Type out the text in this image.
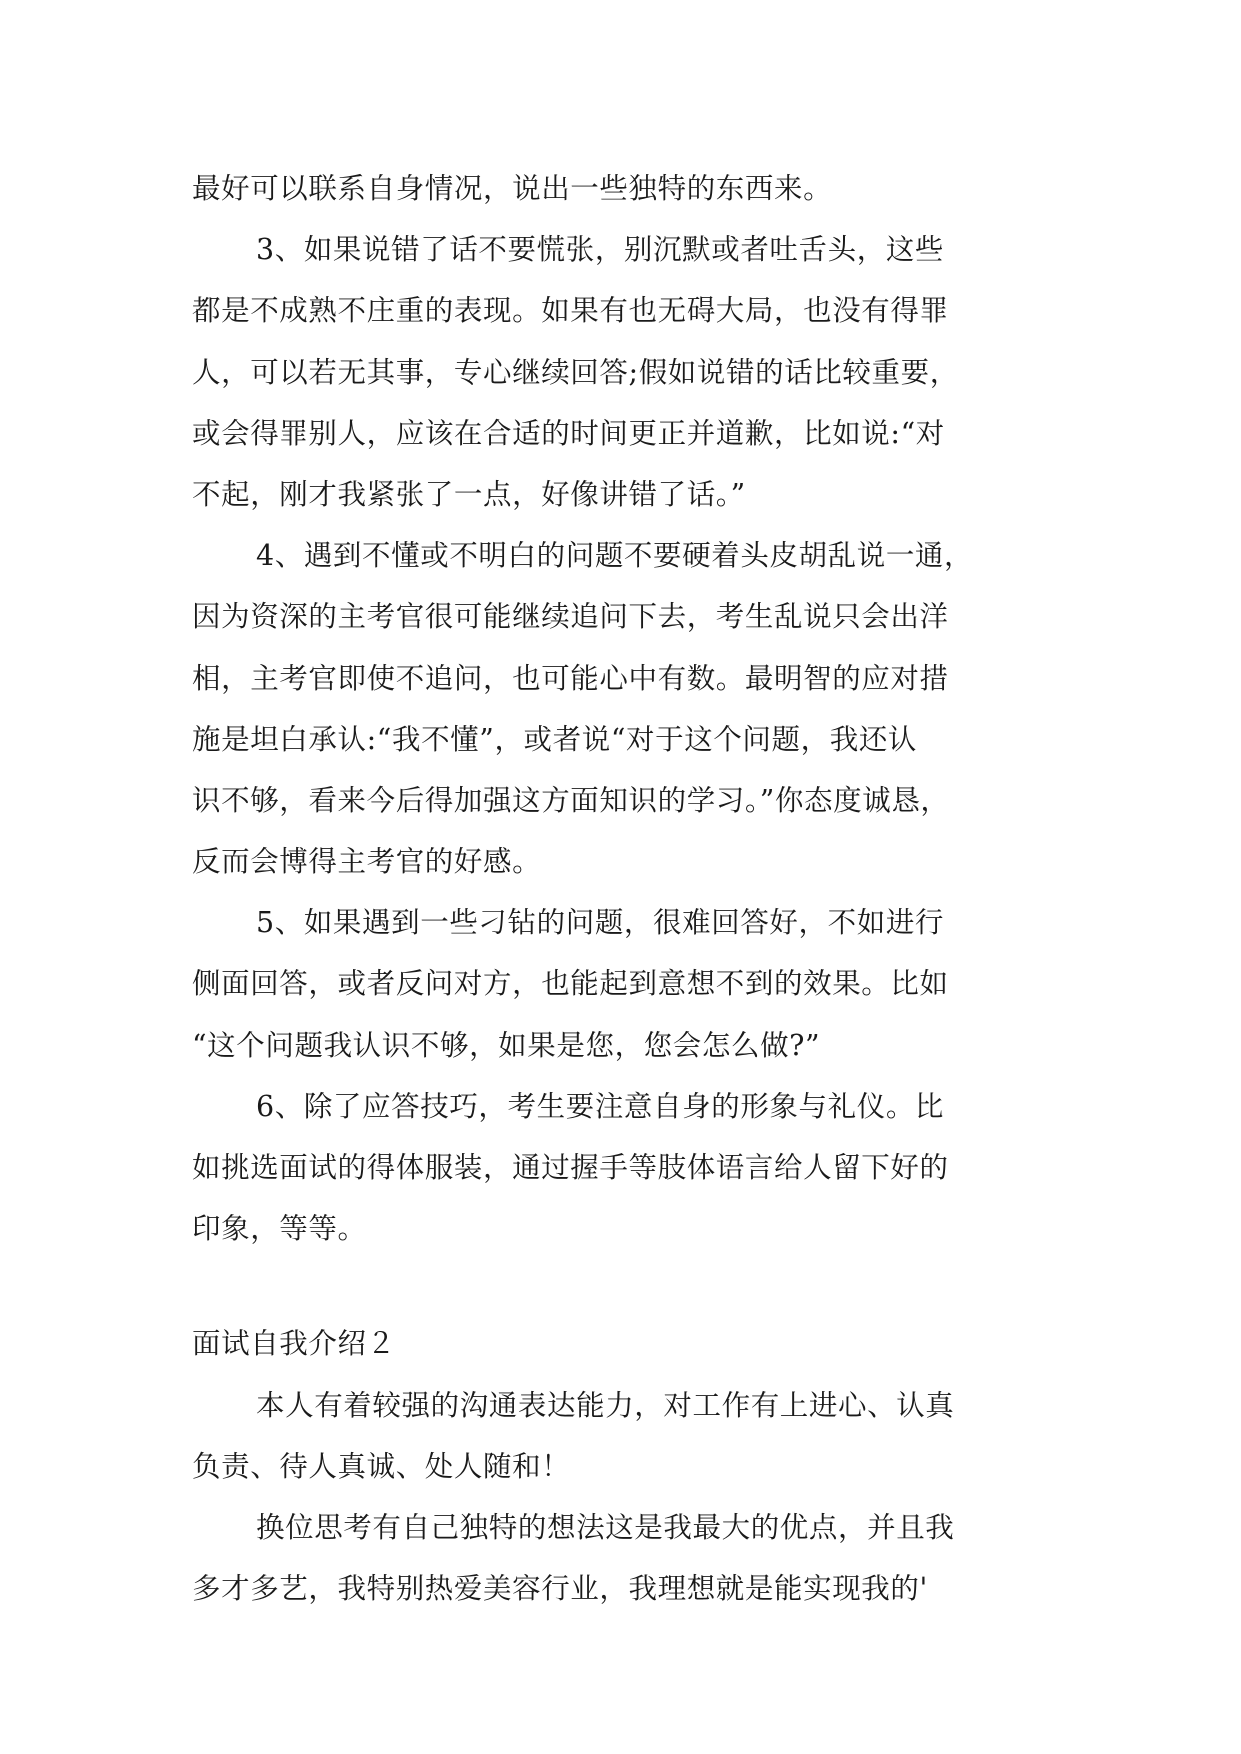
最好可以联系自身情况，说出一些独特的东西来。
3、如果说错了话不要慌张，别沉默或者吐舌头，这些
都是不成熟不庄重的表现。如果有也无碍大局，也没有得罪
人，可以若无其事，专心继续回答;假如说错的话比较重要，
或会得罪别人，应该在合适的时间更正并道歉，比如说:“对
不起，刚才我紧张了一点，好像讲错了话。”
4、遇到不懂或不明白的问题不要硬着头皮胡乱说一通，
因为资深的主考官很可能继续追问下去，考生乱说只会出洋
相，主考官即使不追问，也可能心中有数。最明智的应对措
施是坦白承认:“我不懂”，或者说“对于这个问题，我还认
识不够，看来今后得加强这方面知识的学习。”你态度诚恳，
反而会博得主考官的好感。
5、如果遇到一些刁钻的问题，很难回答好，不如进行
侧面回答，或者反问对方，也能起到意想不到的效果。比如
“这个问题我认识不够，如果是您，您会怎么做?”
6、除了应答技巧，考生要注意自身的形象与礼仪。比
如挑选面试的得体服装，通过握手等肢体语言给人留下好的
印象，等等。
面试自我介绍２
本人有着较强的沟通表达能力，对工作有上进心、认真
负责、待人真诚、处人随和！
换位思考有自己独特的想法这是我最大的优点，并且我
多才多艺，我特别热爱美容行业，我理想就是能实现我的'
